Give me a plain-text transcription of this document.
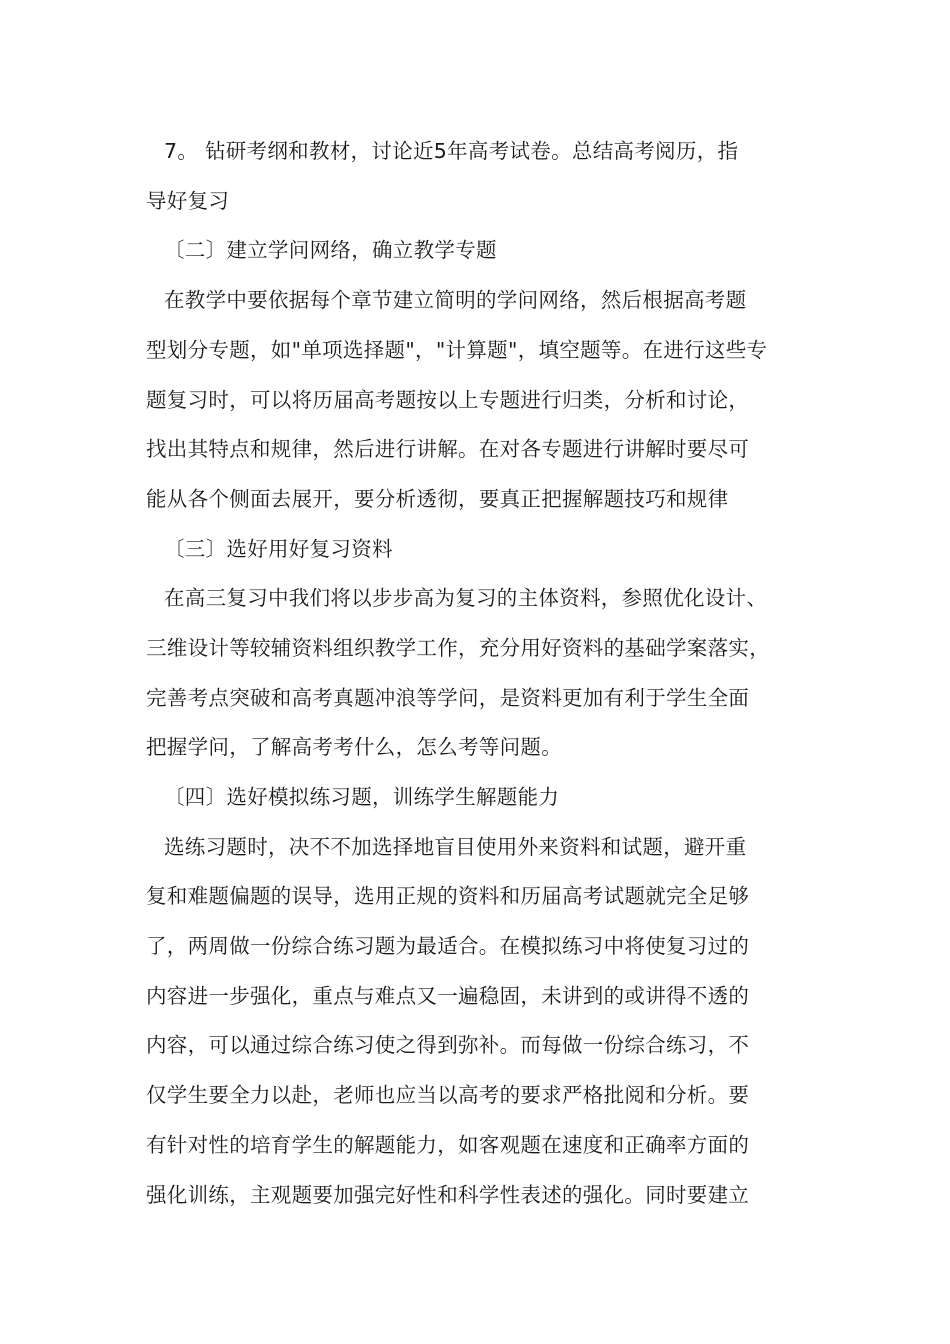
7。 钻研考纲和教材，讨论近5年高考试卷。总结高考阅历，指
导好复习
〔二〕建立学问网络，确立教学专题
在教学中要依据每个章节建立简明的学问网络，然后根据高考题
型划分专题，如"单项选择题"，"计算题"，填空题等。在进行这些专
题复习时，可以将历届高考题按以上专题进行归类，分析和讨论，
找出其特点和规律，然后进行讲解。在对各专题进行讲解时要尽可
能从各个侧面去展开，要分析透彻，要真正把握解题技巧和规律
〔三〕选好用好复习资料
在高三复习中我们将以步步高为复习的主体资料，参照优化设计、
三维设计等较辅资料组织教学工作，充分用好资料的基础学案落实，
完善考点突破和高考真题冲浪等学问，是资料更加有利于学生全面
把握学问，了解高考考什么，怎么考等问题。
〔四〕选好模拟练习题，训练学生解题能力
选练习题时，决不不加选择地盲目使用外来资料和试题，避开重
复和难题偏题的误导，选用正规的资料和历届高考试题就完全足够
了，两周做一份综合练习题为最适合。在模拟练习中将使复习过的
内容进一步强化，重点与难点又一遍稳固，未讲到的或讲得不透的
内容，可以通过综合练习使之得到弥补。而每做一份综合练习，不
仅学生要全力以赴，老师也应当以高考的要求严格批阅和分析。要
有针对性的培育学生的解题能力，如客观题在速度和正确率方面的
强化训练，主观题要加强完好性和科学性表述的强化。同时要建立
